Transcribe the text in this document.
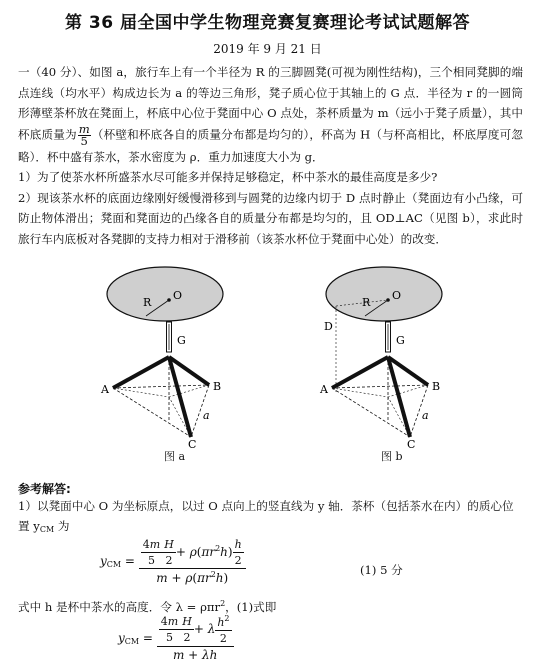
第 36 届全国中学生物理竞赛复赛理论考试试题解答
2019 年 9 月 21 日
一（40 分）、如图 a，旅行车上有一个半径为 R 的三脚圆凳(可视为刚性结构)，三个相同凳脚的端点连线（均水平）构成边长为 a 的等边三角形，凳子质心位于其轴上的 G 点．半径为 r 的一圆筒形薄壁茶杯放在凳面上，杯底中心位于凳面中心 O 点处，茶杯质量为 m（远小于凳子质量），其中杯底质量为 $\frac{m}{5}$ （杯壁和杯底各自的质量分布都是均匀的），杯高为 H（与杯高相比，杯底厚度可忽略）．杯中盛有茶水，茶水密度为 ρ．重力加速度大小为 g．
1）为了使茶水杯所盛茶水尽可能多并保持足够稳定，杯中茶水的最佳高度是多少?
2）现该茶水杯的底面边缘刚好缓慢滑移到与圆凳的边缘内切于 D 点时静止（凳面边有小凸缘，可防止物体滑出；凳面和凳面边的凸缘各自的质量分布都是均匀的，且 OD⊥AC（见图 b），求此时旅行车内底板对各凳脚的支持力相对于滑移前（该茶水杯位于凳面中心处）的改变．
R
O
G
A	B
C
a
图 a
R
O
D
G
A	B
C
a
图 b
参考解答:
1）以凳面中心 O 为坐标原点，以过 O 点向上的竖直线为 y 轴．茶杯（包括茶水在内）的质心位置 $y_{CM}$ 为
$y_{CM} = \frac{\frac{4m}{5} \frac{H}{2} + \rho(\pi r^2h) \frac{h}{2}}{m + \rho(\pi r^2h)}$	(1) 5 分
式中 h 是杯中茶水的高度．令 λ = ρπr$^2$，(1)式即
$y_{CM} = \frac{\frac{4m}{5} \frac{H}{2} + \lambda \frac{h^2}{2}}{m + \lambda h}$
